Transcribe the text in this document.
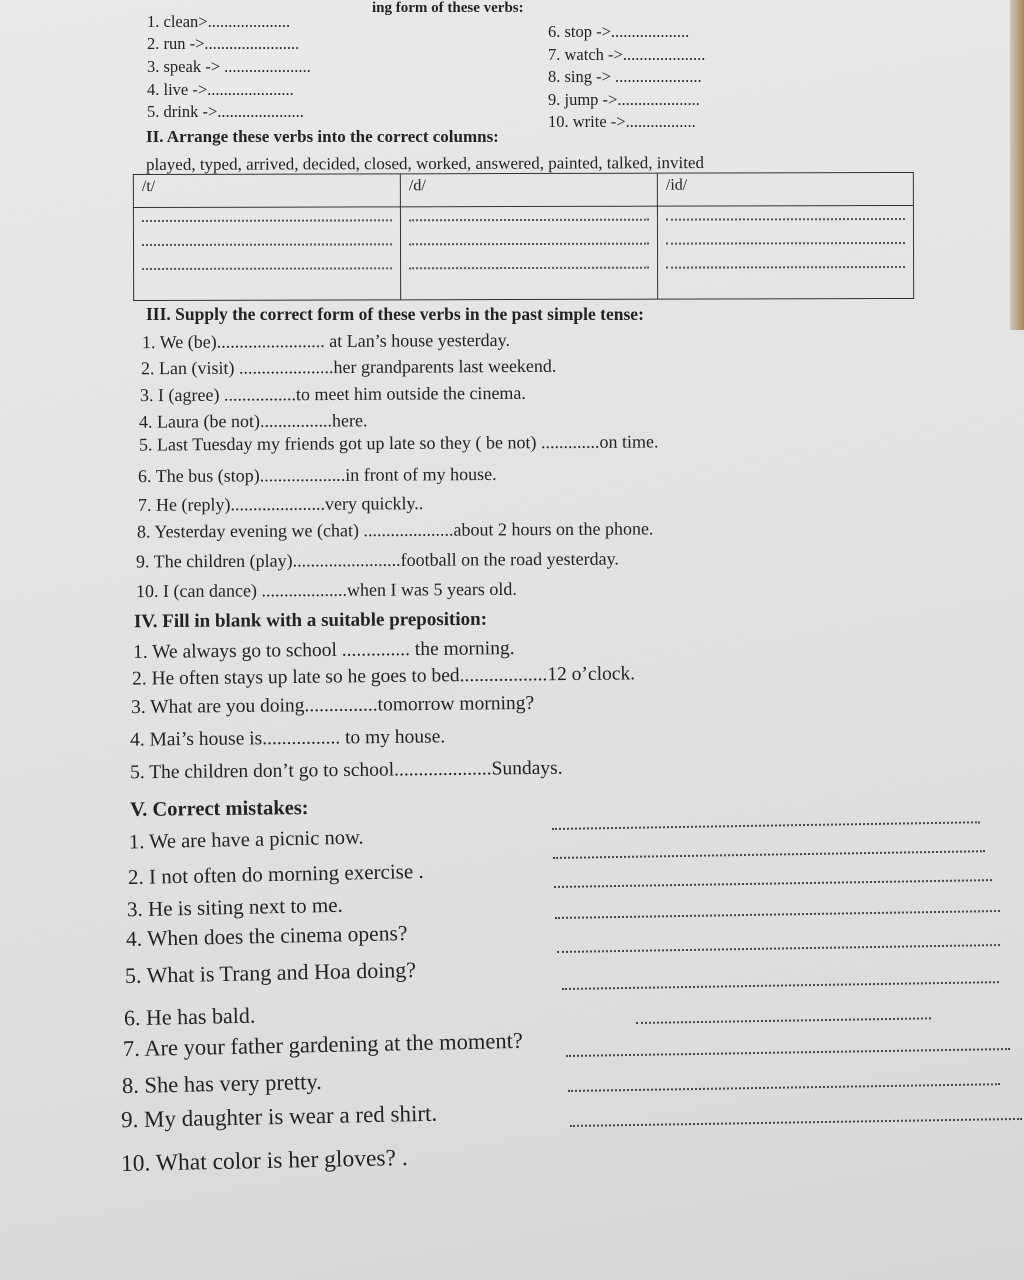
ing form of these verbs:
II. Arrange these verbs into the correct columns:
played, typed, arrived, decided, closed, worked, answered, painted, talked, invited
/t/	/d/	/id/

III. Supply the correct form of these verbs in the past simple tense:
IV. Fill in blank with a suitable preposition:
V. Correct mistakes:
1. clean>....................
2. run ->.......................
3. speak -> .....................
4. live ->.....................
5. drink ->.....................
6. stop ->...................
7. watch ->....................
8. sing -> .....................
9. jump ->....................
10. write ->.................
1. We (be)........................ at Lan’s house yesterday.
2. Lan (visit) .....................her grandparents last weekend.
3. I (agree) ................to meet him outside the cinema.
4. Laura (be not)................here.
5. Last Tuesday my friends got up late so they ( be not) .............on time.
6. The bus (stop)...................in front of my house.
7. He (reply).....................very quickly..
8. Yesterday evening we (chat) ....................about 2 hours on the phone.
9. The children (play)........................football on the road yesterday.
10. I (can dance) ...................when I was 5 years old.
1. We always go to school .............. the morning.
2. He often stays up late so he goes to bed..................12 o’clock.
3. What are you doing...............tomorrow morning?
4. Mai’s house is................ to my house.
5. The children don’t go to school....................Sundays.
1. We are have a picnic now.
2. I not often do morning exercise .
3. He is siting next to me.
4. When does the cinema opens?
5. What is Trang and Hoa doing?
6. He has bald.
7. Are your father gardening at the moment?
8. She has very pretty.
9. My daughter is wear a red shirt.
10. What color is her gloves? .
